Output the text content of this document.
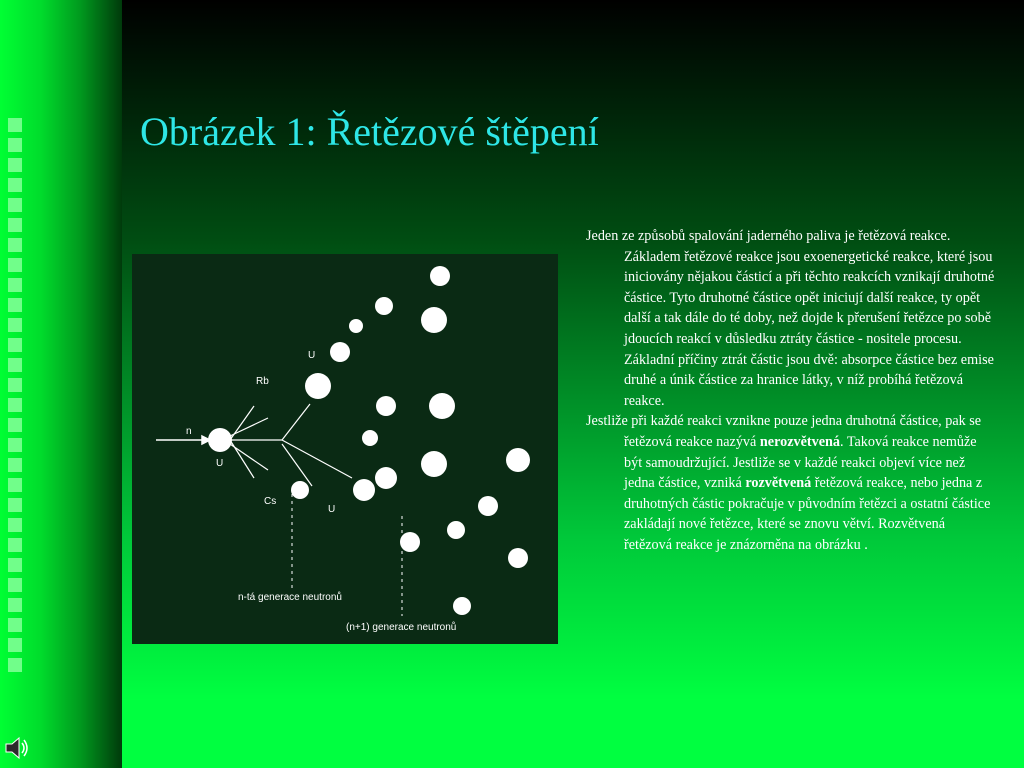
Obrázek 1: Řetězové štěpení
n
U
Rb
Cs
U
U
n-tá generace neutronů
(n+1) generace neutronů

Jeden ze způsobů spalování jaderného paliva je řetězová reakce. Základem řetězové reakce jsou exoenergetické reakce, které jsou iniciovány nějakou částicí a při těchto reakcích vznikají druhotné částice. Tyto druhotné částice opět iniciují další reakce, ty opět další a tak dále do té doby, než dojde k přerušení řetězce po sobě jdoucích reakcí v důsledku ztráty částice - nositele procesu. Základní příčiny ztrát částic jsou dvě: absorpce částice bez emise druhé a únik částice za hranice látky, v níž probíhá řetězová reakce.

Jestliže při každé reakci vznikne pouze jedna druhotná částice, pak se řetězová reakce nazývá nerozvětvená. Taková reakce nemůže být samoudržující. Jestliže se v každé reakci objeví více než jedna částice, vzniká rozvětvená řetězová reakce, nebo jedna z druhotných částic pokračuje v původním řetězci a ostatní částice zakládají nové řetězce, které se znovu větví. Rozvětvená řetězová reakce je znázorněna na obrázku .
